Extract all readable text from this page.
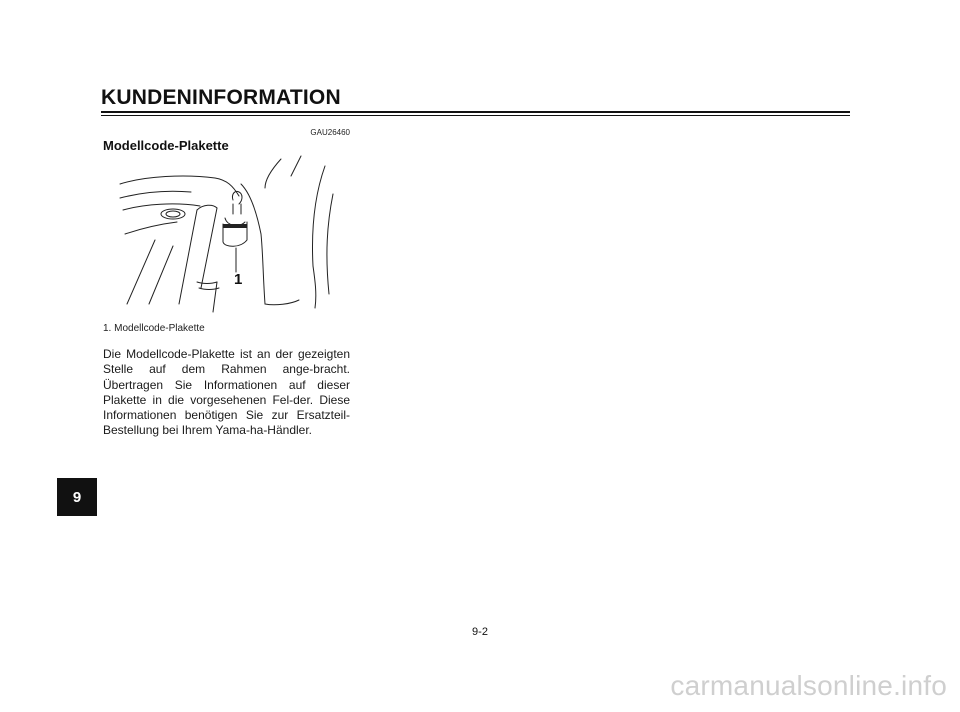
KUNDENINFORMATION
GAU26460
Modellcode-Plakette
1
1. Modellcode-Plakette
Die Modellcode-Plakette ist an der gezeigten Stelle auf dem Rahmen ange-bracht. Übertragen Sie Informationen auf dieser Plakette in die vorgesehenen Fel-der. Diese Informationen benötigen Sie zur Ersatzteil-Bestellung bei Ihrem Yama-ha-Händler.
9
9-2
carmanualsonline.info
